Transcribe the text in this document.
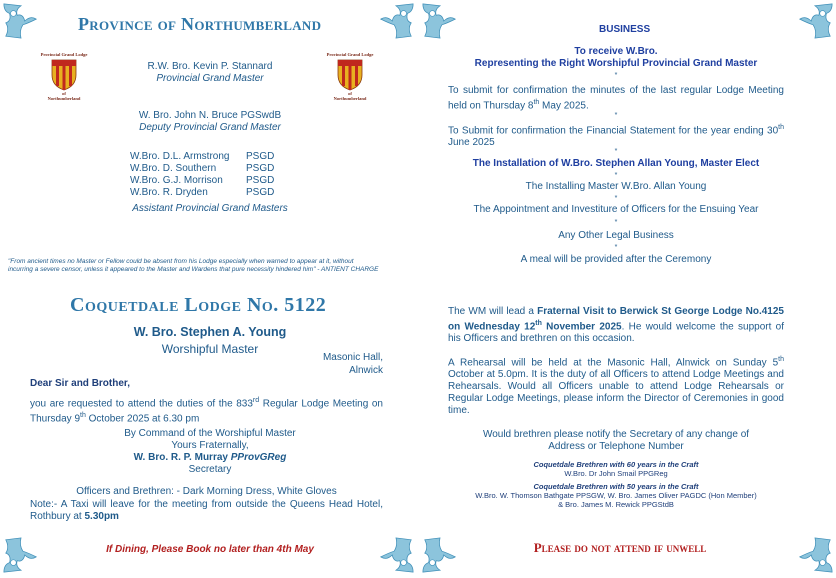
Province of Northumberland
Provincial Grand Lodge
of
Northumberland
Provincial Grand Lodge
of
Northumberland
R.W. Bro. Kevin P. Stannard
Provincial Grand Master
W. Bro. John N. Bruce PGSwdB
Deputy Provincial Grand Master
W.Bro. D.L. Armstrong	PSGD
W.Bro. D. Southern	PSGD
W.Bro. G.J. Morrison	PSGD
W.Bro. R. Dryden	PSGD
Assistant Provincial Grand Masters
"From ancient times no Master or Fellow could be absent from his Lodge especially when warned to appear at it, without incurring a severe censor, unless it appeared to the Master and Wardens that pure necessity hindered him" - ANTIENT CHARGE
Coquetdale Lodge No. 5122
W. Bro. Stephen A. Young
Worshipful Master
Masonic Hall,
Alnwick
Dear Sir and Brother,
you are requested to attend the duties of the 833rd Regular Lodge Meeting on Thursday 9th October 2025 at 6.30 pm
By Command of the Worshipful Master
Yours Fraternally,
W. Bro. R. P. Murray PProvGReg
Secretary
Officers and Brethren: - Dark Morning Dress, White Gloves
Note:- A Taxi will leave for the meeting from outside the Queens Head Hotel, Rothbury at 5.30pm
If Dining, Please Book no later than 4th May
BUSINESS
To receive W.Bro.
Representing the Right Worshipful Provincial Grand Master
*
To submit for confirmation the minutes of the last regular Lodge Meeting held on Thursday 8th May 2025.
*
To Submit for confirmation the Financial Statement for the year ending 30th June 2025
*
The Installation of W.Bro. Stephen Allan Young, Master Elect
*
The Installing Master W.Bro. Allan Young
*
The Appointment and Investiture of Officers for the Ensuing Year
*
Any Other Legal Business
*
A meal will be provided after the Ceremony
The WM will lead a Fraternal Visit to Berwick St George Lodge No.4125 on Wednesday 12th November 2025. He would welcome the support of his Officers and brethren on this occasion.
A Rehearsal will be held at the Masonic Hall, Alnwick on Sunday 5th October at 5.0pm. It is the duty of all Officers to attend Lodge Meetings and Rehearsals. Would all Officers unable to attend Lodge Rehearsals or Regular Lodge Meetings, please inform the Director of Ceremonies in good time.
Would brethren please notify the Secretary of any change of
Address or Telephone Number
Coquetdale Brethren with 60 years in the Craft
W.Bro. Dr John Smail PPGReg
Coquetdale Brethren with 50 years in the Craft
W.Bro. W. Thomson Bathgate PPSGW, W. Bro. James Oliver PAGDC (Hon Member)
& Bro. James M. Rewick PPGStdB
Please do not attend if unwell
